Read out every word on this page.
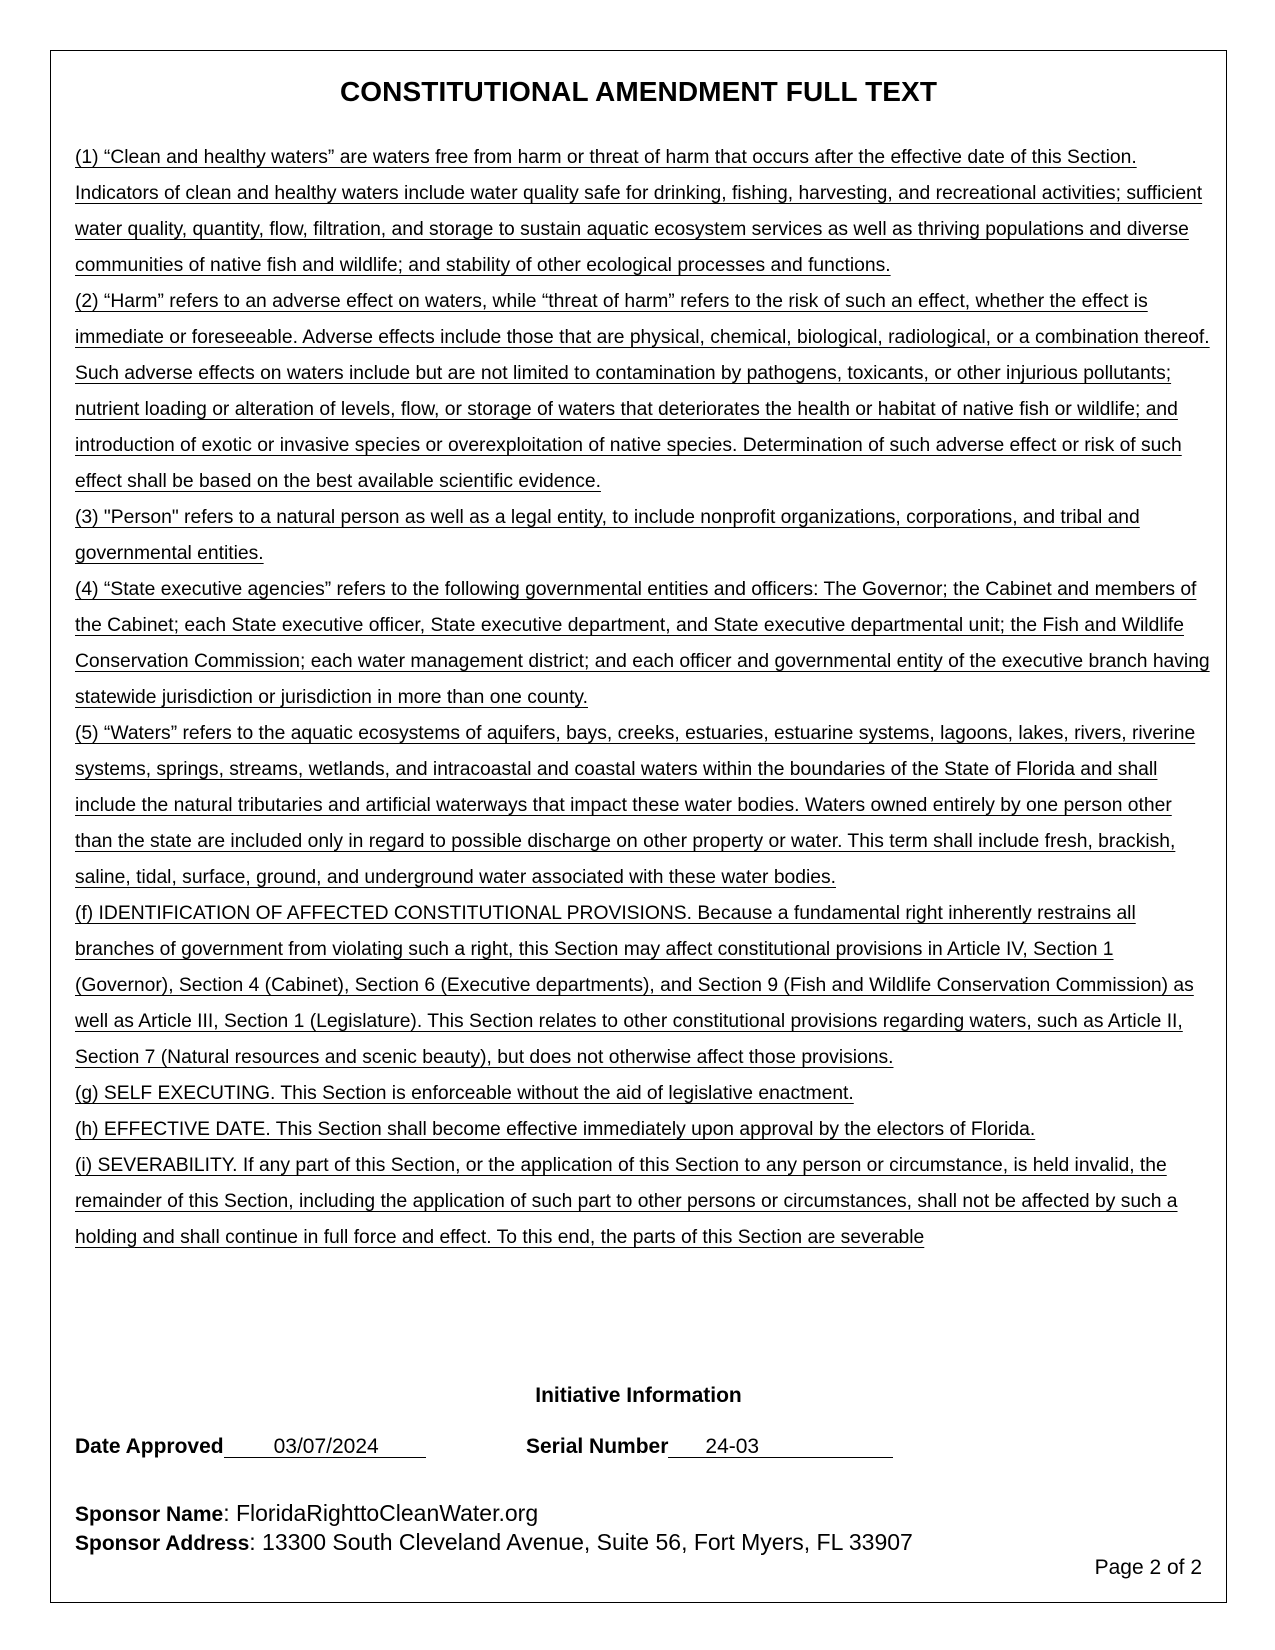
CONSTITUTIONAL AMENDMENT FULL TEXT

(1) “Clean and healthy waters” are waters free from harm or threat of harm that occurs after the effective date of this Section. Indicators of clean and healthy waters include water quality safe for drinking, fishing, harvesting, and recreational activities; sufficient water quality, quantity, flow, filtration, and storage to sustain aquatic ecosystem services as well as thriving populations and diverse communities of native fish and wildlife; and stability of other ecological processes and functions.

(2) “Harm” refers to an adverse effect on waters, while “threat of harm” refers to the risk of such an effect, whether the effect is immediate or foreseeable. Adverse effects include those that are physical, chemical, biological, radiological, or a combination thereof. Such adverse effects on waters include but are not limited to contamination by pathogens, toxicants, or other injurious pollutants; nutrient loading or alteration of levels, flow, or storage of waters that deteriorates the health or habitat of native fish or wildlife; and introduction of exotic or invasive species or overexploitation of native species. Determination of such adverse effect or risk of such effect shall be based on the best available scientific evidence.

(3) "Person" refers to a natural person as well as a legal entity, to include nonprofit organizations, corporations, and tribal and governmental entities.

(4) “State executive agencies” refers to the following governmental entities and officers: The Governor; the Cabinet and members of the Cabinet; each State executive officer, State executive department, and State executive departmental unit; the Fish and Wildlife Conservation Commission; each water management district; and each officer and governmental entity of the executive branch having statewide jurisdiction or jurisdiction in more than one county.

(5) “Waters” refers to the aquatic ecosystems of aquifers, bays, creeks, estuaries, estuarine systems, lagoons, lakes, rivers, riverine systems, springs, streams, wetlands, and intracoastal and coastal waters within the boundaries of the State of Florida and shall include the natural tributaries and artificial waterways that impact these water bodies. Waters owned entirely by one person other than the state are included only in regard to possible discharge on other property or water. This term shall include fresh, brackish, saline, tidal, surface, ground, and underground water associated with these water bodies.

(f) IDENTIFICATION OF AFFECTED CONSTITUTIONAL PROVISIONS. Because a fundamental right inherently restrains all branches of government from violating such a right, this Section may affect constitutional provisions in Article IV, Section 1 (Governor), Section 4 (Cabinet), Section 6 (Executive departments), and Section 9 (Fish and Wildlife Conservation Commission) as well as Article III, Section 1 (Legislature). This Section relates to other constitutional provisions regarding waters, such as Article II, Section 7 (Natural resources and scenic beauty), but does not otherwise affect those provisions.

(g) SELF EXECUTING. This Section is enforceable without the aid of legislative enactment.

(h) EFFECTIVE DATE. This Section shall become effective immediately upon approval by the electors of Florida.

(i) SEVERABILITY. If any part of this Section, or the application of this Section to any person or circumstance, is held invalid, the remainder of this Section, including the application of such part to other persons or circumstances, shall not be affected by such a holding and shall continue in full force and effect. To this end, the parts of this Section are severable

Initiative Information
Date Approved 03/07/2024	Serial Number 24-03

Sponsor Name: FloridaRighttoCleanWater.org

Sponsor Address: 13300 South Cleveland Avenue, Suite 56, Fort Myers, FL 33907

Page 2 of 2
